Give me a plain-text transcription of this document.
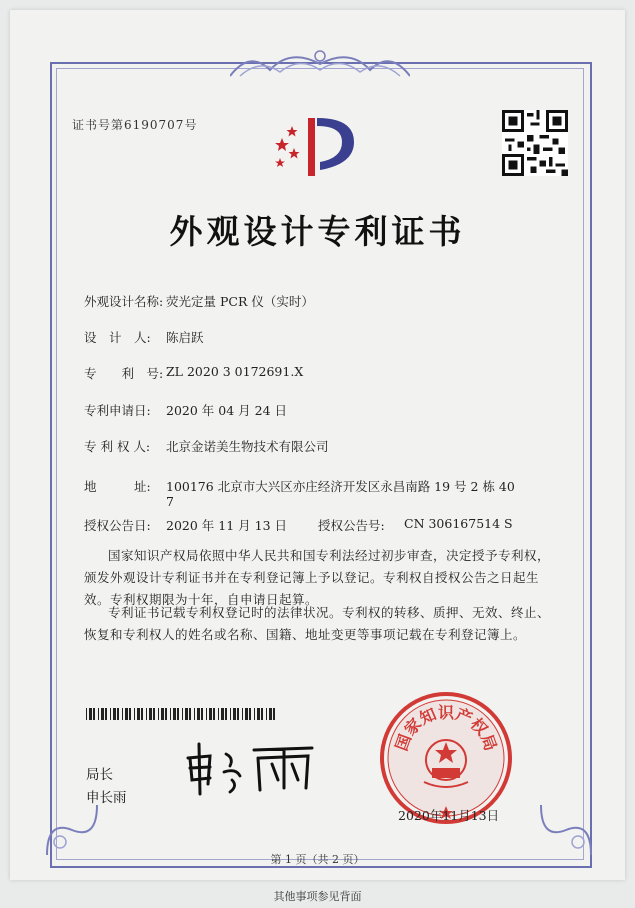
证书号第6190707号
外观设计专利证书
外观设计名称: 荧光定量 PCR 仪（实时）
设　计　人: 陈启跃
专　　利　号: ZL 2020 3 0172691.X
专利申请日: 2020 年 04 月 24 日
专 利 权 人: 北京金诺美生物技术有限公司
地　　　址: 100176 北京市大兴区亦庄经济开发区永昌南路 19 号 2 栋 40
7
授权公告日: 2020 年 11 月 13 日 授权公告号: CN 306167514 S
国家知识产权局依照中华人民共和国专利法经过初步审查，决定授予专利权，颁发外观设计专利证书并在专利登记簿上予以登记。专利权自授权公告之日起生效。专利权期限为十年，自申请日起算。
专利证书记载专利权登记时的法律状况。专利权的转移、质押、无效、终止、恢复和专利权人的姓名或名称、国籍、地址变更等事项记载在专利登记簿上。
局长
申长雨
国
家
知
识
产
权
局
2020年11月13日
第 1 页（共 2 页）
其他事项参见背面
